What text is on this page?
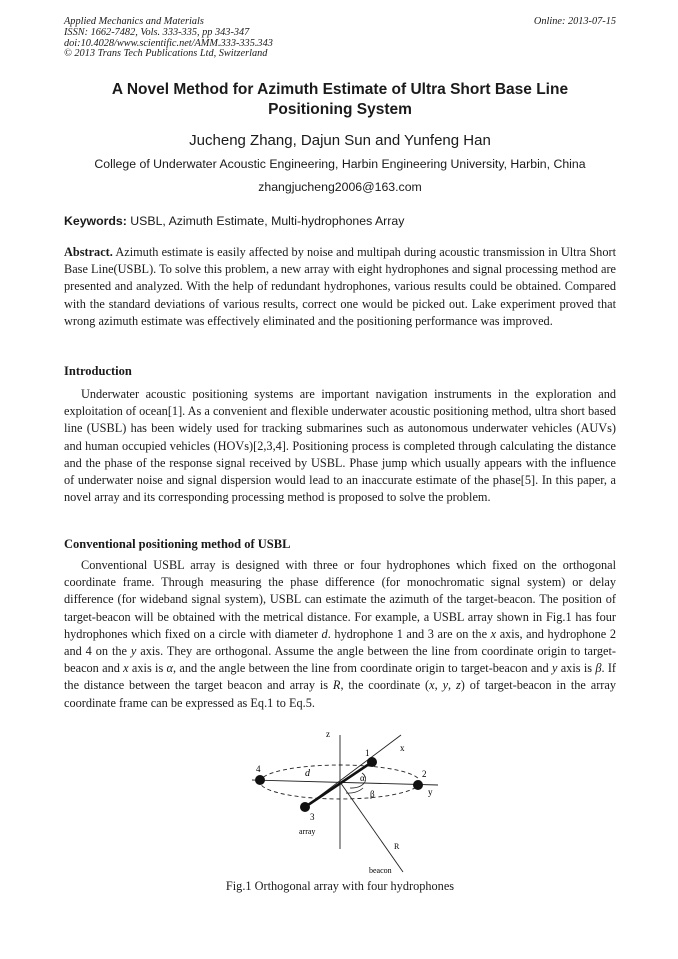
Applied Mechanics and Materials
ISSN: 1662-7482, Vols. 333-335, pp 343-347
doi:10.4028/www.scientific.net/AMM.333-335.343
© 2013 Trans Tech Publications Ltd, Switzerland
Online: 2013-07-15
A Novel Method for Azimuth Estimate of Ultra Short Base Line
Positioning System
Jucheng Zhang, Dajun Sun and Yunfeng Han
College of Underwater Acoustic Engineering, Harbin Engineering University, Harbin, China
zhangjucheng2006@163.com
Keywords: USBL, Azimuth Estimate, Multi-hydrophones Array

Abstract. Azimuth estimate is easily affected by noise and multipah during acoustic transmission in Ultra Short Base Line(USBL). To solve this problem, a new array with eight hydrophones and signal processing method are presented and analyzed. With the help of redundant hydrophones, various results could be obtained. Compared with the standard deviations of various results, correct one would be picked out. Lake experiment proved that wrong azimuth estimate was effectively eliminated and the positioning performance was improved.

Introduction

Underwater acoustic positioning systems are important navigation instruments in the exploration and exploitation of ocean[1]. As a convenient and flexible underwater acoustic positioning method, ultra short based line (USBL) has been widely used for tracking submarines such as autonomous underwater vehicles (AUVs) and human occupied vehicles (HOVs)[2,3,4]. Positioning process is completed through calculating the distance and the phase of the response signal received by USBL. Phase jump which usually appears with the influence of underwater noise and signal dispersion would lead to an inaccurate estimate of the phase[5]. In this paper, a novel array and its corresponding processing method is proposed to solve the problem.

Conventional positioning method of USBL

Conventional USBL array is designed with three or four hydrophones which fixed on the orthogonal coordinate frame. Through measuring the phase difference (for monochromatic signal system) or delay difference (for wideband signal system), USBL can estimate the azimuth of the target-beacon. The position of target-beacon will be obtained with the metrical distance. For example, a USBL array shown in Fig.1 has four hydrophones which fixed on a circle with diameter d. hydrophone 1 and 3 are on the x axis, and hydrophone 2 and 4 on the y axis. They are orthogonal. Assume the angle between the line from coordinate origin to target-beacon and x axis is α, and the angle between the line from coordinate origin to target-beacon and y axis is β. If the distance between the target beacon and array is R, the coordinate (x, y, z) of target-beacon in the array coordinate frame can be expressed as Eq.1 to Eq.5.

z
x
y
1
2
3
4	d	α
β
array
R
beacon
Fig.1 Orthogonal array with four hydrophones
